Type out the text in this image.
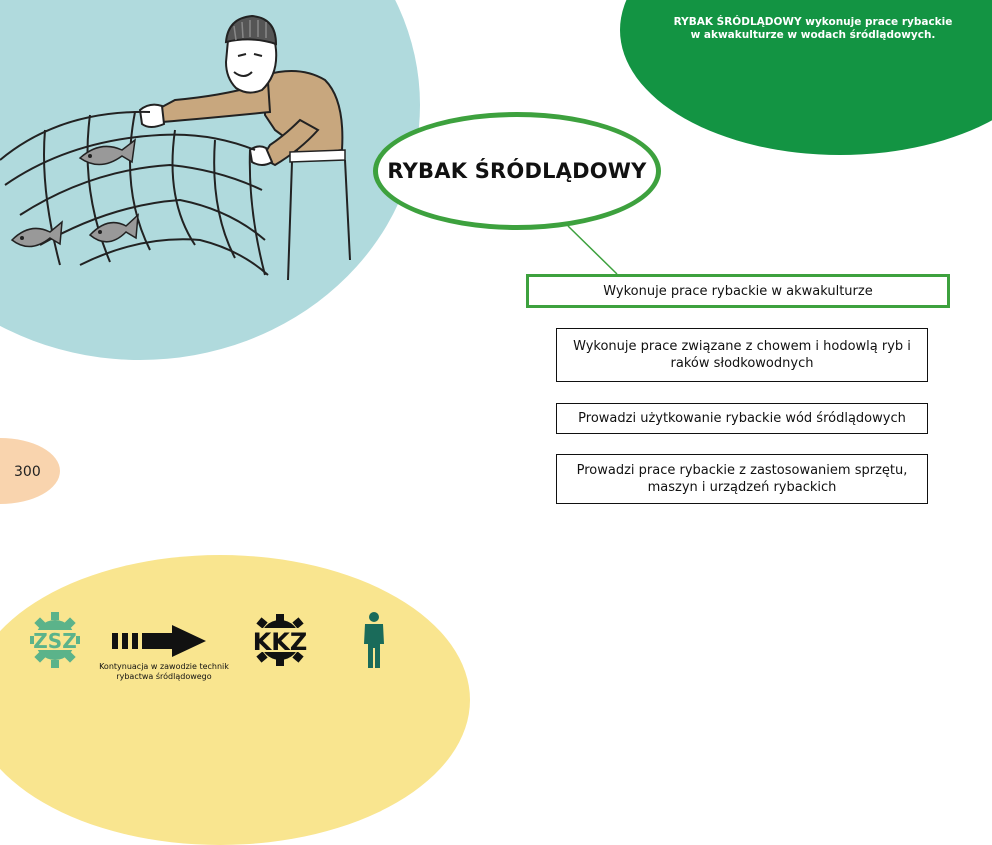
RYBAK ŚRÓDLĄDOWY wykonuje prace rybackie w akwakulturze w wodach śródlądowych.
RYBAK ŚRÓDLĄDOWY
Wykonuje prace rybackie w akwakulturze
Wykonuje prace związane z chowem i hodowlą ryb i raków słodkowodnych
Prowadzi użytkowanie rybackie wód śródlądowych
Prowadzi prace rybackie z zastosowaniem sprzętu, maszyn i urządzeń rybackich
300
ZSZ
Kontynuacja w zawodzie technik rybactwa śródlądowego
KKZ
